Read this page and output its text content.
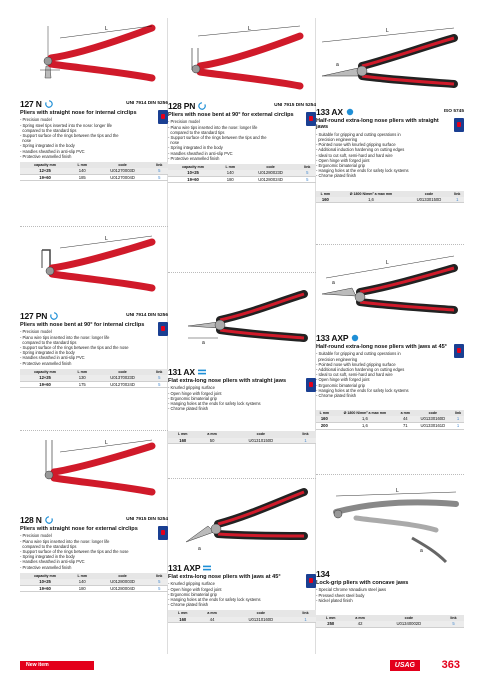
L
127 N	UNI 7914 DIN 5256
Pliers with straight nose for internal circlips
- Precision model
- Spring steel tips inserted into the nose: longer life
compared to the standard tips
- Support surface of the rings between the tips and the
nose
- Spring integrated in the body
- Handles sheathed in anti-slip PVC
- Protective enamelled finish
capacity mm	L mm	code	link
12÷25	140	U01270003D	5
19÷60	185	U01270004D	5
L
127 PN	UNI 7914 DIN 5256
Pliers with nose bent at 90° for internal circlips
- Precision model
- Piano wire tips inserted into the nose: longer life
compared to the standard tips
- Support surface of the rings between the tips and the nose
- Spring integrated in the body
- Handles sheathed in anti-slip PVC
- Protective enamelled finish
capacity mm	L mm	code	link
12÷25	130	U01370023D	5
19÷60	175	U01270024D	5
L
128 N	UNI 7915 DIN 5254
Pliers with straight nose for external circlips
- Precision model
- Piano wire tips inserted into the nose: longer life
compared to the standard tips
- Support surface of the rings between the tips and the nose
- Spring integrated in the body
- Handles sheathed in anti-slip PVC
- Protective enamelled finish
capacity mm	L mm	code	link
10÷25	140	U01280003D	5
19÷60	180	U01280004D	5
L
128 PN	UNI 7915 DIN 5254
Pliers with nose bent at 90° for external circlips
- Precision model
- Piano wire tips inserted into the nose: longer life
compared to the standard tips
- Support surface of the rings between the tips and the
nose
- Spring integrated in the body
- Handles sheathed in anti-slip PVC
- Protective enamelled finish
capacity mm	L mm	code	link
10÷25	140	U01280023D	5
19÷60	180	U01280024D	5
a
131 AX
Flat extra-long nose pliers with straight jaws
- Knurled gripping surface
- Open hinge with forged joint
- Ergonomic bimaterial grip
- Hanging holes at the ends for safety lock systems
- Chrome plated finish
L mm	a mm	code	link
160	50	U01310150D	1
a
131 AXP
Flat extra-long nose pliers with jaws at 45°
- Knurled gripping surface
- Open hinge with forged joint
- Ergonomic bimaterial grip
- Hanging holes at the ends for safety lock systems
- Chrome plated finish
L mm	a mm	code	link
160	44	U01310160D	1
L
a
133 AX	ISO 5745
Half-round extra-long nose pliers with straight jaws
- Suitable for gripping and cutting operations in
precision engineering
- Pointed nose with knurled gripping surface
- Additional induction hardening on cutting edges
- Ideal to cut soft, semi-hard and hard wire
- Open hinge with forged joint
- Ergonomic bimaterial grip
- Hanging holes at the ends for safety lock systems
- Chrome plated finish
L mm	Ø 1800 N/mm² a max mm	code	link
160	1,6	U01330150D	1
L
a
133 AXP
Half-round extra-long nose pliers with jaws at 45°
- Suitable for gripping and cutting operations in
precision engineering
- Pointed nose with knurled gripping surface
- Additional induction hardening on cutting edges
- Ideal to cut soft, semi-hard and hard wire
- Open hinge with forged joint
- Ergonomic bimaterial grip
- Hanging holes at the ends for safety lock systems
- Chrome plated finish
L mm	Ø 1800 N/mm² a max mm	a mm	code	link
160	1,6	44	U01330160D	1
200	1,6	71	U01330161D	1
L
a
134
Lock-grip pliers with concave jaws
- Special Chrome Vanadium steel jaws
- Pressed sheet steel body
- Nickel plated finish
L mm	a mm	code	link
250	42	U01340002D	5
New item	USAG	363
